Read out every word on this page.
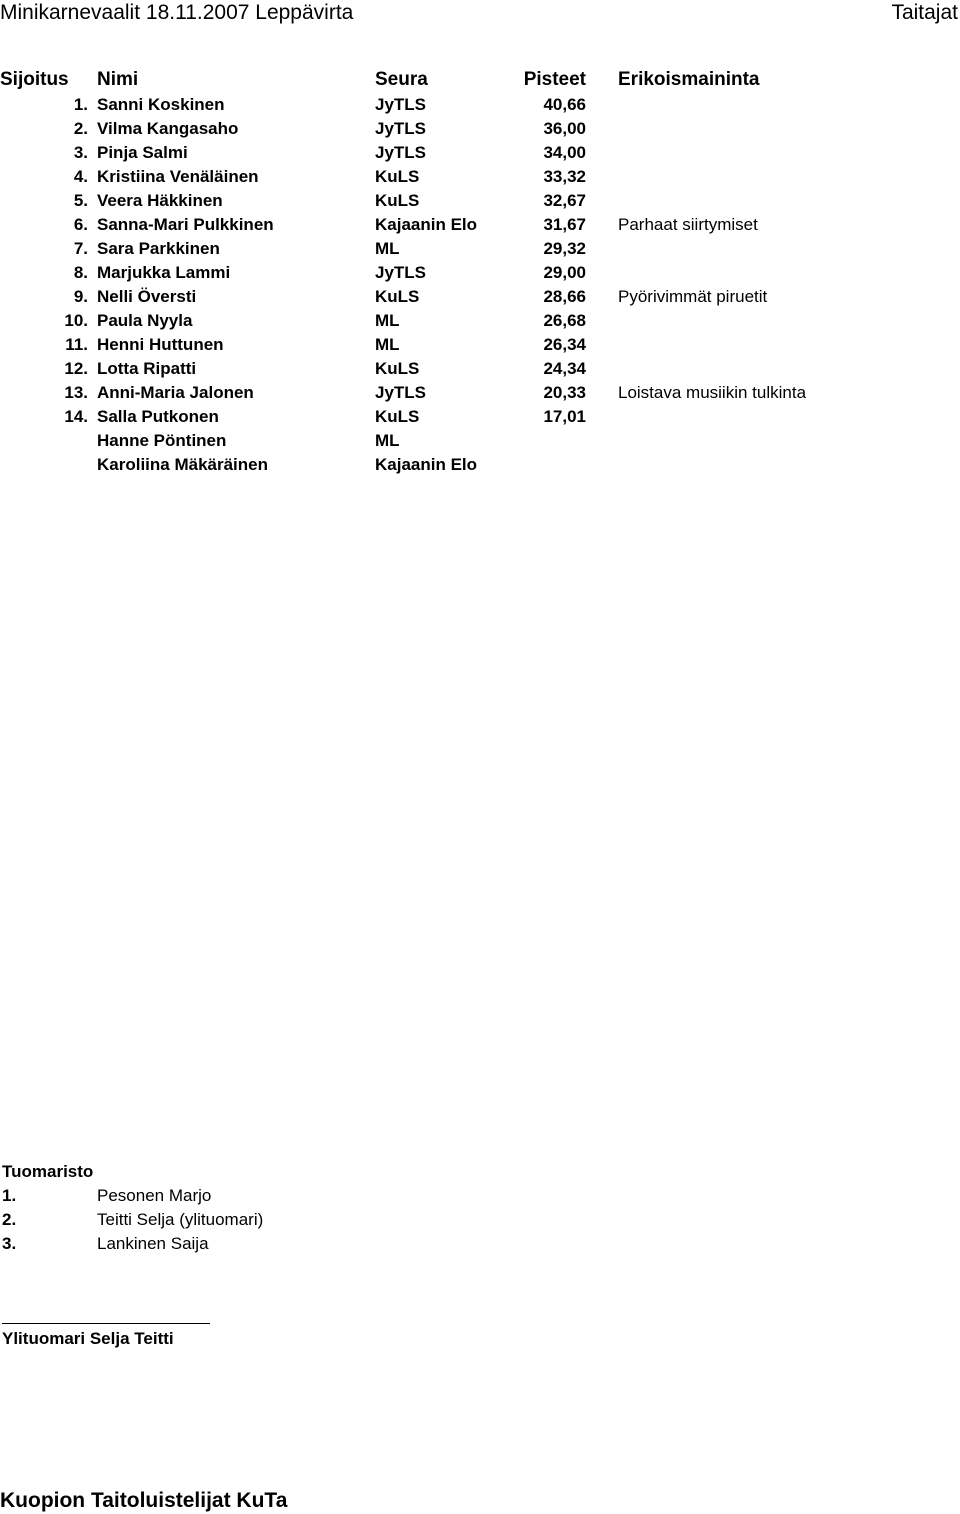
Minikarnevaalit 18.11.2007 Leppävirta	Taitajat
Sijoitus	Nimi	Seura	Pisteet Erikoismaininta
1. Sanni Koskinen	JyTLS	40,66
2. Vilma Kangasaho	JyTLS	36,00
3. Pinja Salmi	JyTLS	34,00
4. Kristiina Venäläinen	KuLS	33,32
5. Veera Häkkinen	KuLS	32,67
6. Sanna-Mari Pulkkinen	Kajaanin Elo	31,67 Parhaat siirtymiset
7. Sara Parkkinen	ML	29,32
8. Marjukka Lammi	JyTLS	29,00
9. Nelli Översti	KuLS	28,66 Pyörivimmät piruetit
10. Paula Nyyla	ML	26,68
11. Henni Huttunen	ML	26,34
12. Lotta Ripatti	KuLS	24,34
13. Anni-Maria Jalonen	JyTLS	20,33 Loistava musiikin tulkinta
14. Salla Putkonen	KuLS	17,01
Hanne Pöntinen	ML
Karoliina Mäkäräinen	Kajaanin Elo
Tuomaristo
1.	Pesonen Marjo
2.	Teitti Selja (ylituomari)
3.	Lankinen Saija
Ylituomari Selja Teitti
Kuopion Taitoluistelijat KuTa
